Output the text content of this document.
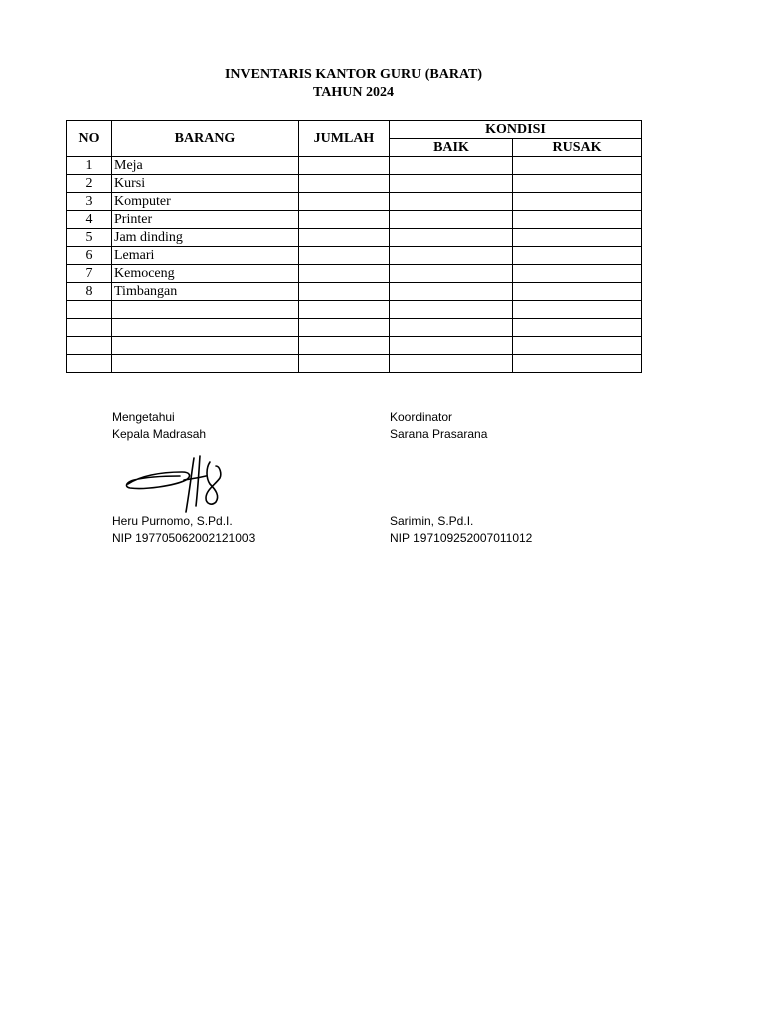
INVENTARIS KANTOR GURU (BARAT)
TAHUN 2024
NO	BARANG	JUMLAH	KONDISI	
			BAIK	RUSAK
1	Meja			
2	Kursi			
3	Komputer			
4	Printer			
5	Jam dinding			
6	Lemari			
7	Kemoceng			
8	Timbangan			

Mengetahui
Kepala Madrasah
Koordinator
Sarana Prasarana
Heru Purnomo, S.Pd.I.
NIP 197705062002121003
Sarimin, S.Pd.I.
NIP 197109252007011012
